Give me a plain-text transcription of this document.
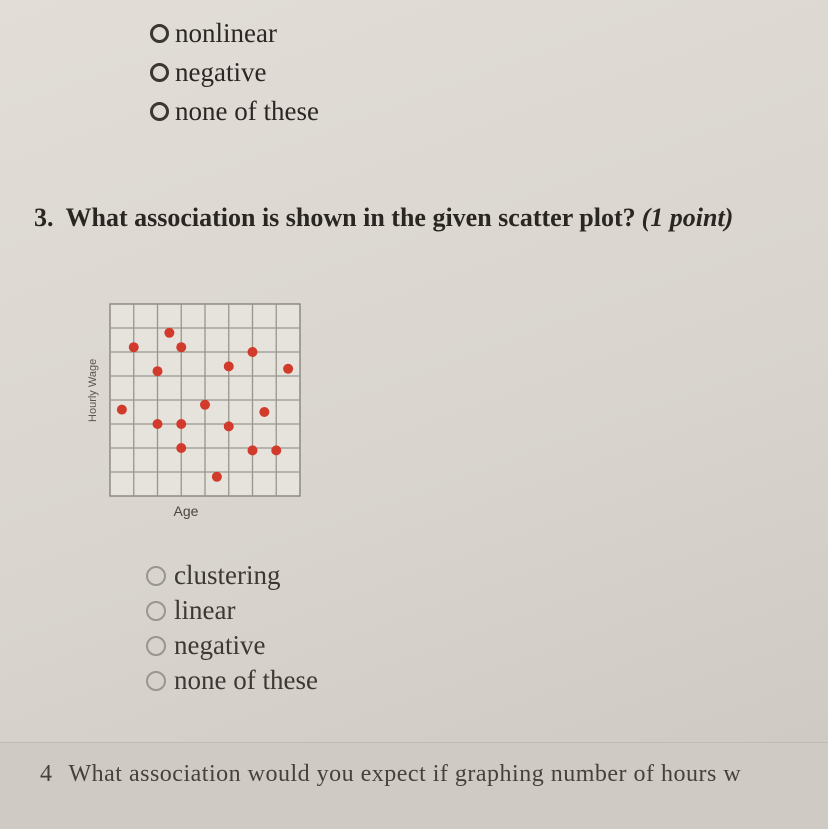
nonlinear
negative
none of these
3. What association is shown in the given scatter plot? (1 point)
Age
Hourly Wage
clustering
linear
negative
none of these
4 What association would you expect if graphing number of hours w
